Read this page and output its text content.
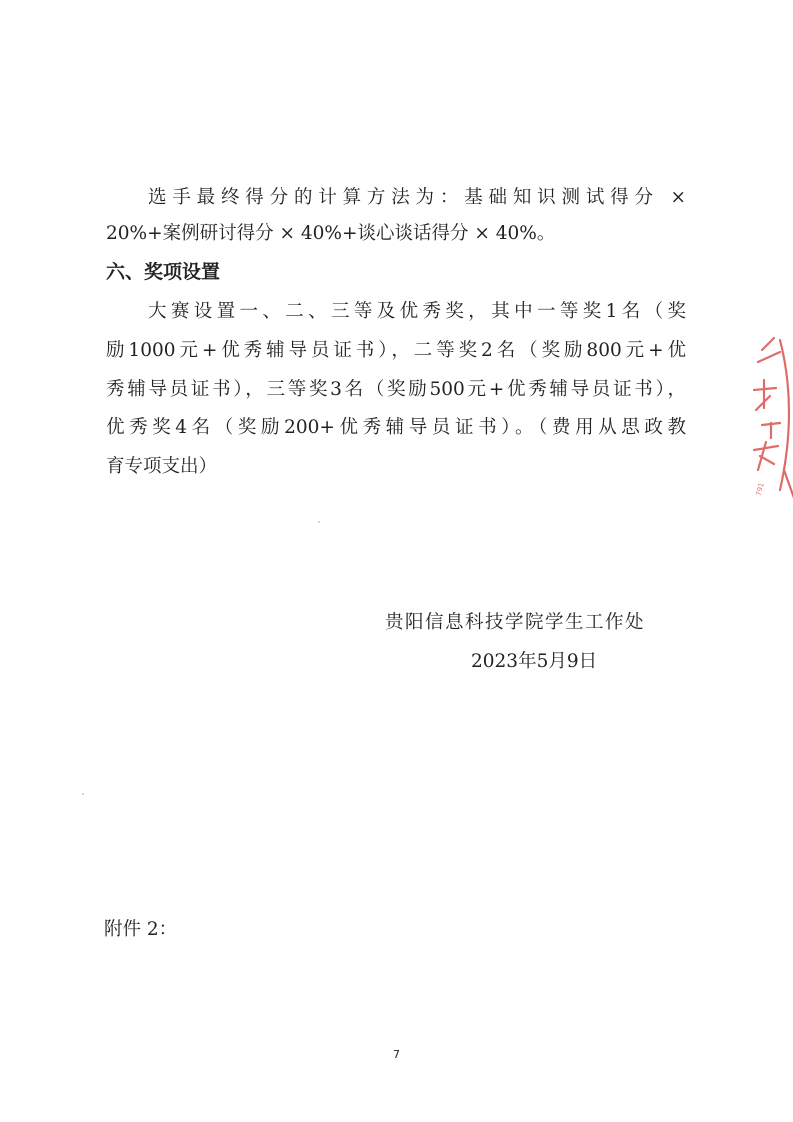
选手最终得分的计算方法为：基础知识测试得分 ×
20%+案例研讨得分 × 40%+谈心谈话得分 × 40%。
六、奖项设置
大赛设置一、二、三等及优秀奖，其中一等奖1名（奖
励1000元+优秀辅导员证书），二等奖2名（奖励800元+优
秀辅导员证书），三等奖3名（奖励500元+优秀辅导员证书），
优秀奖4名（奖励200+优秀辅导员证书）。（费用从思政教
育专项支出）
贵阳信息科技学院学生工作处
2023年5月9日
附件 2：
7
791
